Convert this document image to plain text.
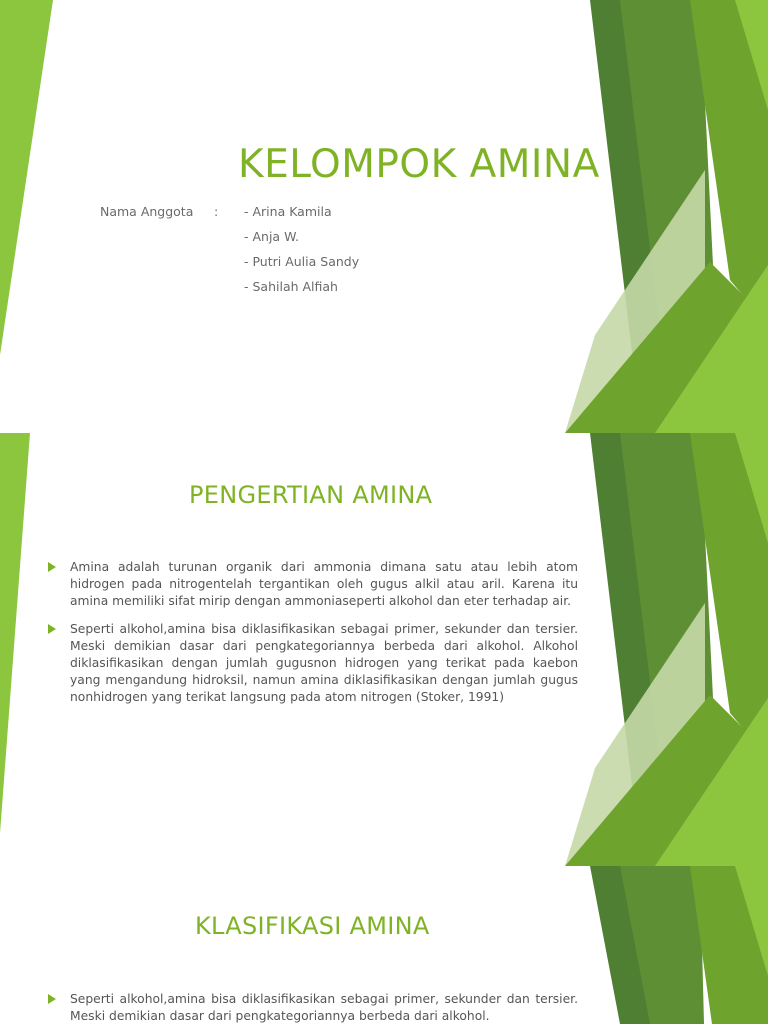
KELOMPOK AMINA
Nama Anggota : - Arina Kamila
- Anja W.
- Putri Aulia Sandy
- Sahilah Alfiah
PENGERTIAN AMINA
Amina adalah turunan organik dari ammonia dimana satu atau lebih atom hidrogen pada nitrogentelah tergantikan oleh gugus alkil atau aril. Karena itu amina memiliki sifat mirip dengan ammoniaseperti alkohol dan eter terhadap air.
Seperti alkohol,amina bisa diklasifikasikan sebagai primer, sekunder dan tersier. Meski demikian dasar dari pengkategoriannya berbeda dari alkohol. Alkohol diklasifikasikan dengan jumlah gugusnon hidrogen yang terikat pada kaebon yang mengandung hidroksil, namun amina diklasifikasikan dengan jumlah gugus nonhidrogen yang terikat langsung pada atom nitrogen (Stoker, 1991)
KLASIFIKASI AMINA
Seperti alkohol,amina bisa diklasifikasikan sebagai primer, sekunder dan tersier. Meski demikian dasar dari pengkategoriannya berbeda dari alkohol.
